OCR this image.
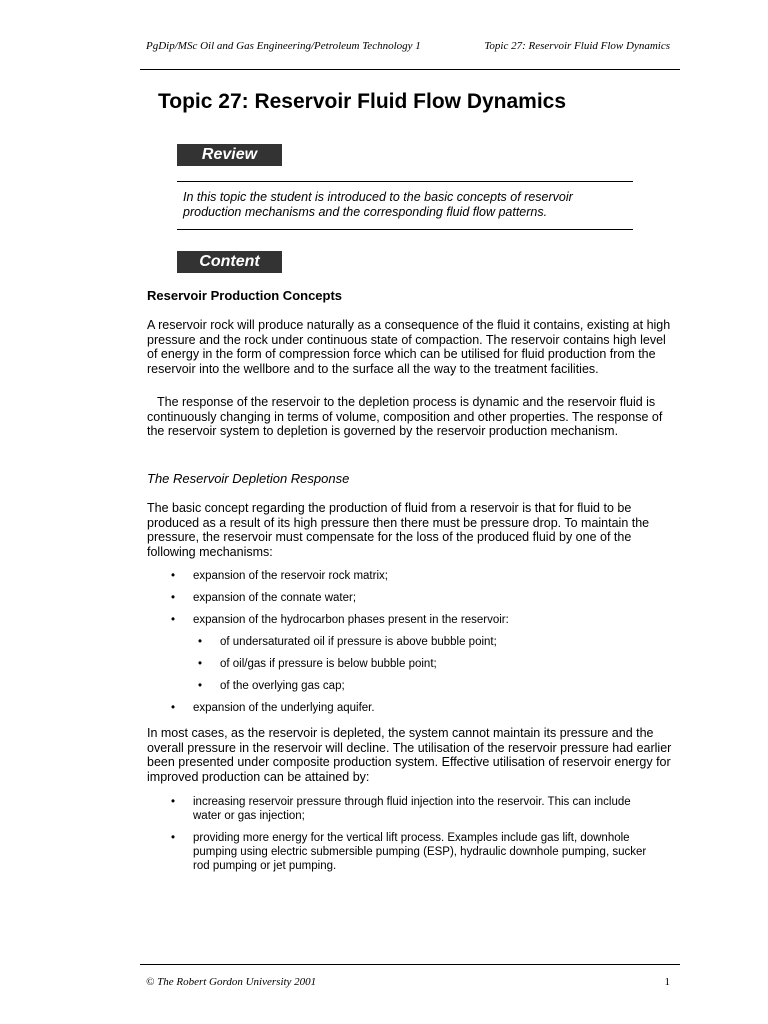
PgDip/MSc Oil and Gas Engineering/Petroleum Technology 1	Topic 27: Reservoir Fluid Flow Dynamics
Topic 27: Reservoir Fluid Flow Dynamics
Review
In this topic the student is introduced to the basic concepts of reservoir production mechanisms and the corresponding fluid flow patterns.
Content
Reservoir Production Concepts
A reservoir rock will produce naturally as a consequence of the fluid it contains, existing at high pressure and the rock under continuous state of compaction. The reservoir contains high level of energy in the form of compression force which can be utilised for fluid production from the reservoir into the wellbore and to the surface all the way to the treatment facilities.
The response of the reservoir to the depletion process is dynamic and the reservoir fluid is continuously changing in terms of volume, composition and other properties. The response of the reservoir system to depletion is governed by the reservoir production mechanism.
The Reservoir Depletion Response
The basic concept regarding the production of fluid from a reservoir is that for fluid to be produced as a result of its high pressure then there must be pressure drop. To maintain the pressure, the reservoir must compensate for the loss of the produced fluid by one of the following mechanisms:
• expansion of the reservoir rock matrix;
• expansion of the connate water;
• expansion of the hydrocarbon phases present in the reservoir:
• of undersaturated oil if pressure is above bubble point;
• of oil/gas if pressure is below bubble point;
• of the overlying gas cap;
• expansion of the underlying aquifer.
In most cases, as the reservoir is depleted, the system cannot maintain its pressure and the overall pressure in the reservoir will decline. The utilisation of the reservoir pressure had earlier been presented under composite production system. Effective utilisation of reservoir energy for improved production can be attained by:
• increasing reservoir pressure through fluid injection into the reservoir. This can include water or gas injection;
• providing more energy for the vertical lift process. Examples include gas lift, downhole pumping using electric submersible pumping (ESP), hydraulic downhole pumping, sucker rod pumping or jet pumping.
© The Robert Gordon University 2001	1
